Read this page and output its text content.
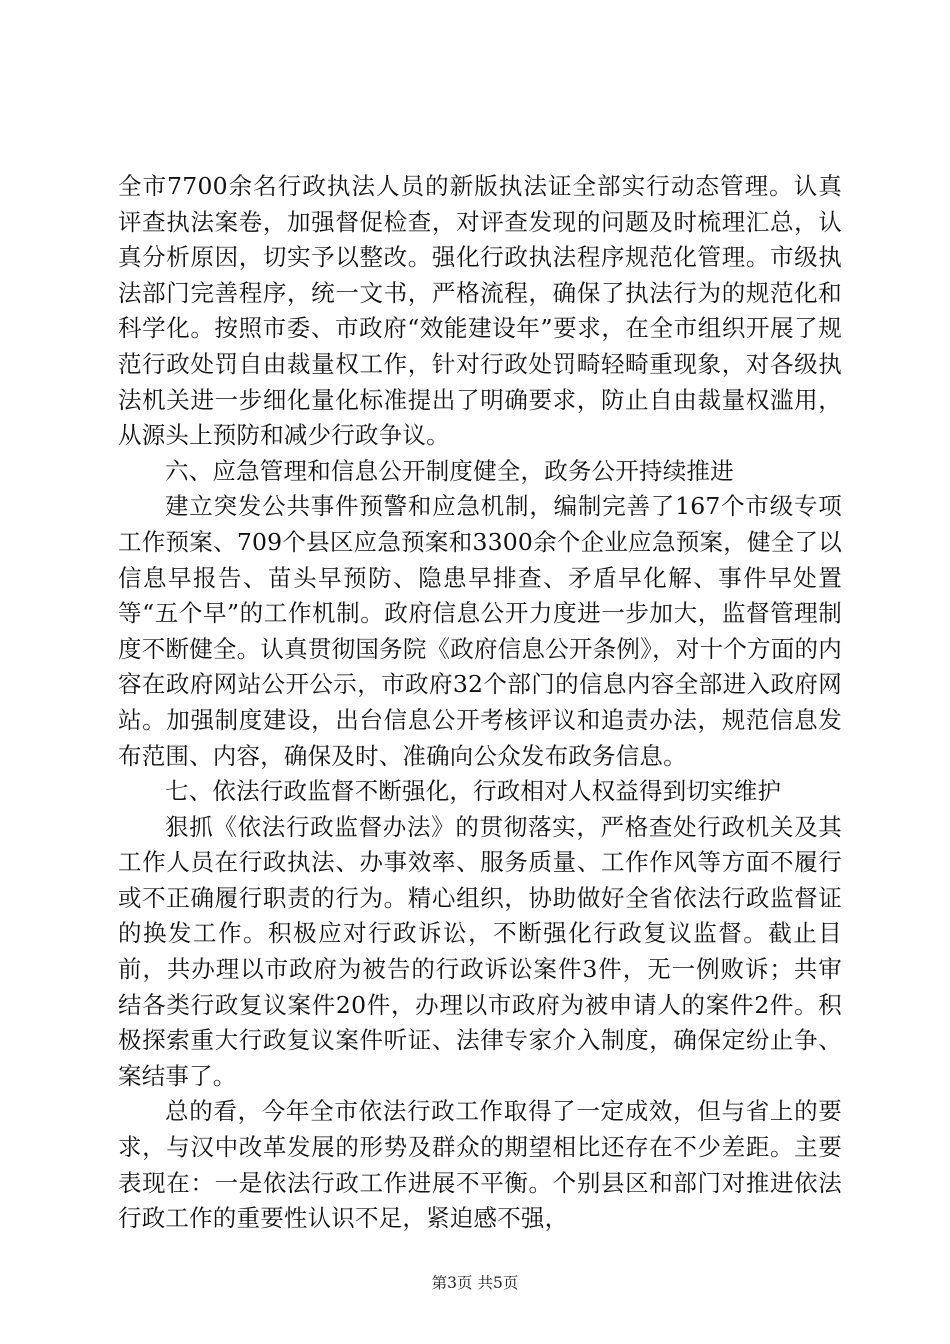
全市7700余名行政执法人员的新版执法证全部实行动态管理。认真评查执法案卷，加强督促检查，对评查发现的问题及时梳理汇总，认真分析原因，切实予以整改。强化行政执法程序规范化管理。市级执法部门完善程序，统一文书，严格流程，确保了执法行为的规范化和科学化。按照市委、市政府“效能建设年”要求，在全市组织开展了规范行政处罚自由裁量权工作，针对行政处罚畸轻畸重现象，对各级执法机关进一步细化量化标准提出了明确要求，防止自由裁量权滥用，从源头上预防和减少行政争议。

六、应急管理和信息公开制度健全，政务公开持续推进

建立突发公共事件预警和应急机制，编制完善了167个市级专项工作预案、709个县区应急预案和3300余个企业应急预案，健全了以信息早报告、苗头早预防、隐患早排查、矛盾早化解、事件早处置等“五个早”的工作机制。政府信息公开力度进一步加大，监督管理制度不断健全。认真贯彻国务院《政府信息公开条例》，对十个方面的内容在政府网站公开公示，市政府32个部门的信息内容全部进入政府网站。加强制度建设，出台信息公开考核评议和追责办法，规范信息发布范围、内容，确保及时、准确向公众发布政务信息。

七、依法行政监督不断强化，行政相对人权益得到切实维护

狠抓《依法行政监督办法》的贯彻落实，严格查处行政机关及其工作人员在行政执法、办事效率、服务质量、工作作风等方面不履行或不正确履行职责的行为。精心组织，协助做好全省依法行政监督证的换发工作。积极应对行政诉讼，不断强化行政复议监督。截止目前，共办理以市政府为被告的行政诉讼案件3件，无一例败诉；共审结各类行政复议案件20件，办理以市政府为被申请人的案件2件。积极探索重大行政复议案件听证、法律专家介入制度，确保定纷止争、案结事了。

总的看，今年全市依法行政工作取得了一定成效，但与省上的要求，与汉中改革发展的形势及群众的期望相比还存在不少差距。主要表现在：一是依法行政工作进展不平衡。个别县区和部门对推进依法行政工作的重要性认识不足，紧迫感不强，

第3页 共5页
